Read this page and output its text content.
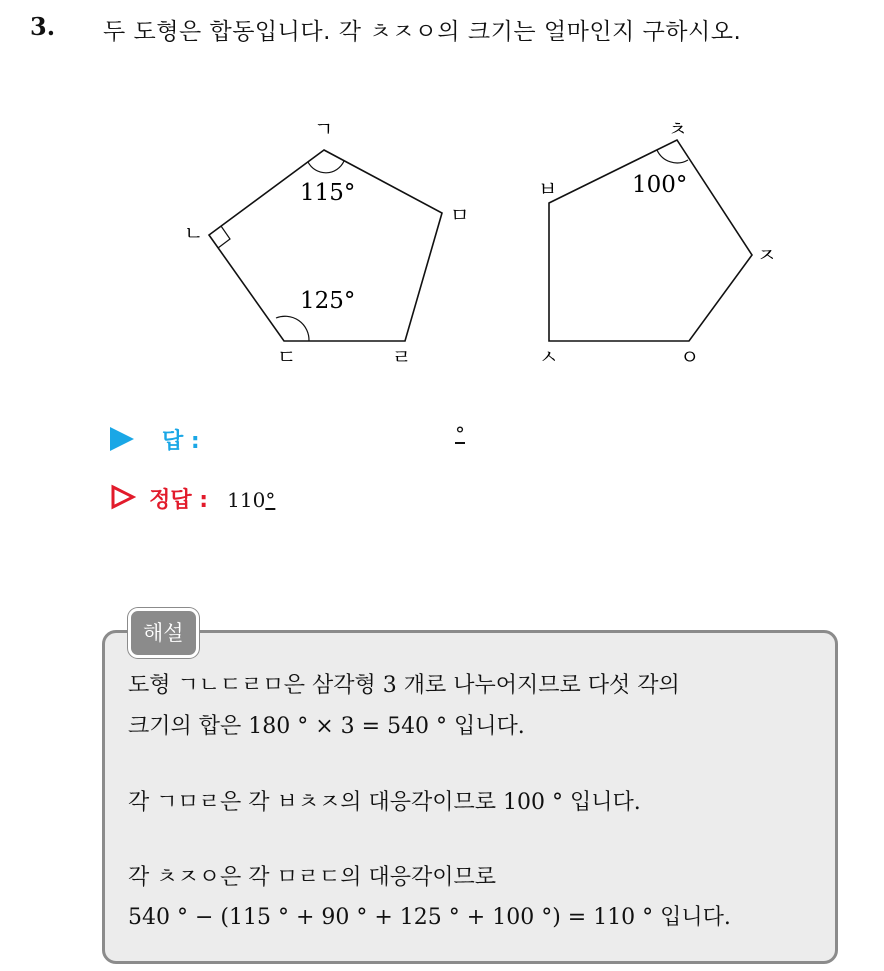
3. 두 도형은 합동입니다. 각 ㅊㅈㅇ의 크기는 얼마인지 구하시오.
ㄱ
ㄴ
ㄷ	ㄹ
ㅁ
115°
125°
ㅊ
ㅂ
ㅅ	ㅇ
ㅈ
100°
답 :	°
정답 : 110°
해설
도형 ㄱㄴㄷㄹㅁ은 삼각형 3 개로 나누어지므로 다섯 각의
크기의 합은 180 ° × 3 = 540 ° 입니다.
각 ㄱㅁㄹ은 각 ㅂㅊㅈ의 대응각이므로 100 ° 입니다.
각 ㅊㅈㅇ은 각 ㅁㄹㄷ의 대응각이므로
540 ° − (115 ° + 90 ° + 125 ° + 100 °) = 110 ° 입니다.
